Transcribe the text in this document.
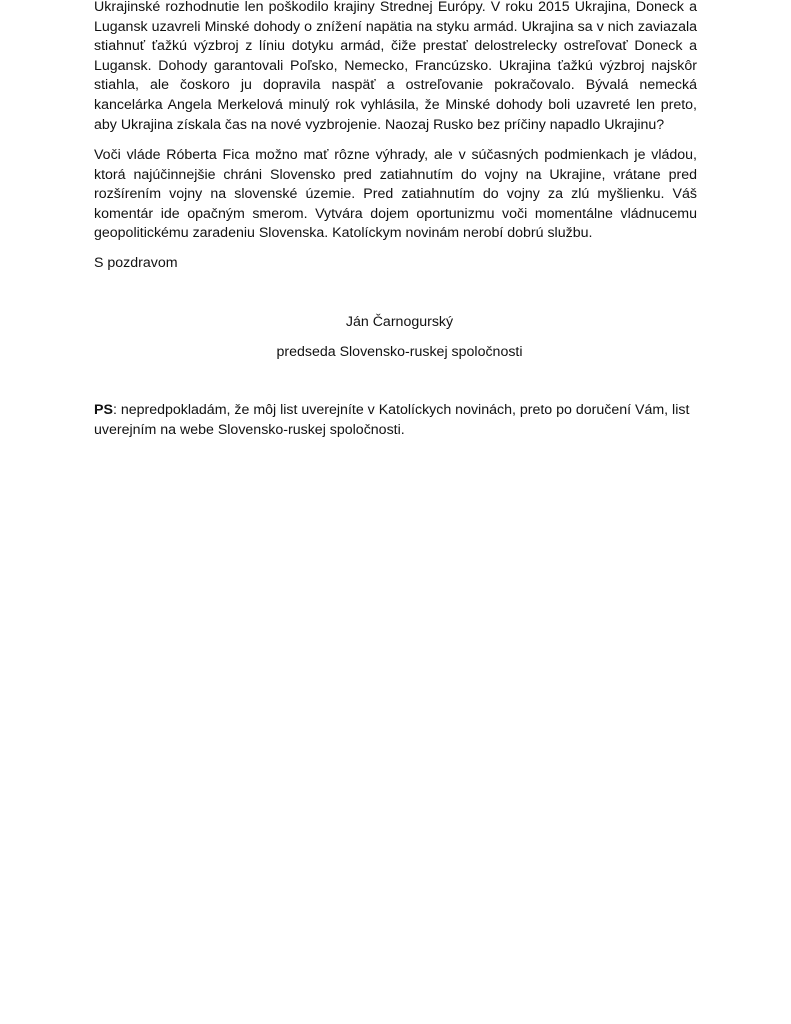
Ukrajinské rozhodnutie len poškodilo krajiny Strednej Európy. V roku 2015 Ukrajina, Doneck a Lugansk uzavreli Minské dohody o znížení napätia na styku armád. Ukrajina sa v nich zaviazala stiahnuť ťažkú výzbroj z líniu dotyku armád, čiže prestať delostrelecky ostreľovať Doneck a Lugansk. Dohody garantovali Poľsko, Nemecko, Francúzsko. Ukrajina ťažkú výzbroj najskôr stiahla, ale čoskoro ju dopravila naspäť a ostreľovanie pokračovalo. Bývalá nemecká kancelárka Angela Merkelová minulý rok vyhlásila, že Minské dohody boli uzavreté len preto, aby Ukrajina získala čas na nové vyzbrojenie. Naozaj Rusko bez príčiny napadlo Ukrajinu?

Voči vláde Róberta Fica možno mať rôzne výhrady, ale v súčasných podmienkach je vládou, ktorá najúčinnejšie chráni Slovensko pred zatiahnutím do vojny na Ukrajine, vrátane pred rozšírením vojny na slovenské územie. Pred zatiahnutím do vojny za zlú myšlienku. Váš komentár ide opačným smerom. Vytvára dojem oportunizmu voči momentálne vládnucemu geopolitickému zaradeniu Slovenska. Katolíckym novinám nerobí dobrú službu.

S pozdravom

Ján Čarnogurský

predseda Slovensko-ruskej spoločnosti

PS: nepredpokladám, že môj list uverejníte v Katolíckych novinách, preto po doručení Vám, list uverejním na webe Slovensko-ruskej spoločnosti.
